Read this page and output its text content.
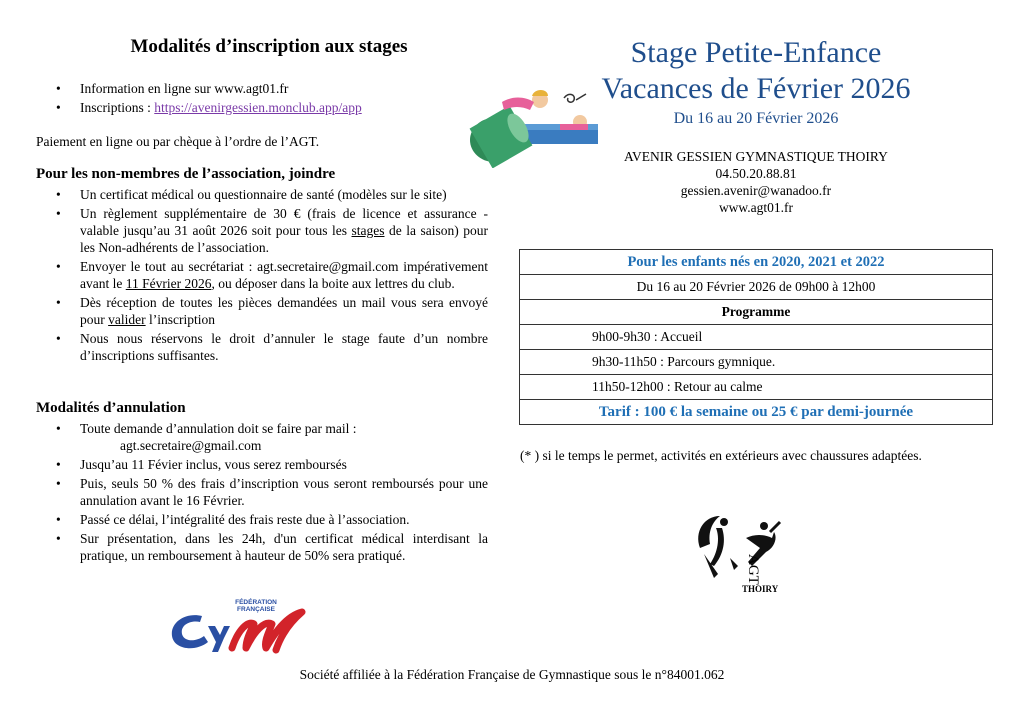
Modalités d’inscription aux stages
• Information en ligne sur www.agt01.fr
• Inscriptions : https://avenirgessien.monclub.app/app
Paiement en ligne ou par chèque à l’ordre de l’AGT.
Pour les non-membres de l’association, joindre
• Un certificat médical ou questionnaire de santé (modèles sur le site)
• Un règlement supplémentaire de 30 € (frais de licence et assurance - valable jusqu’au 31 août 2026 soit pour tous les stages de la saison) pour les Non-adhérents de l’association.
• Envoyer le tout au secrétariat : agt.secretaire@gmail.com impérativement avant le 11 Février 2026, ou déposer dans la boite aux lettres du club.
• Dès réception de toutes les pièces demandées un mail vous sera envoyé pour valider l’inscription
• Nous nous réservons le droit d’annuler le stage faute d’un nombre d’inscriptions suffisantes.
Modalités d’annulation
• Toute demande d’annulation doit se faire par mail :
agt.secretaire@gmail.com
• Jusqu’au 11 Févier inclus, vous serez remboursés
• Puis, seuls 50 % des frais d’inscription vous seront remboursés pour une annulation avant le 16 Février.
• Passé ce délai, l’intégralité des frais reste due à l’association.
• Sur présentation, dans les 24h, d'un certificat médical interdisant la pratique, un remboursement à hauteur de 50% sera pratiqué.
FÉDÉRATION FRANÇAISE
Stage Petite-Enfance
Vacances de Février 2026
Du 16 au 20 Février 2026
AVENIR GESSIEN GYMNASTIQUE THOIRY
04.50.20.88.81
gessien.avenir@wanadoo.fr
www.agt01.fr
Pour les enfants nés en 2020, 2021 et 2022
Du 16 au 20 Février 2026 de 09h00 à 12h00
Programme
9h00-9h30 : Accueil
9h30-11h50 : Parcours gymnique.
11h50-12h00 : Retour au calme
Tarif : 100 € la semaine ou 25 € par demi-journée
(* ) si le temps le permet, activités en extérieurs avec chaussures adaptées.
AGT
THOIRY
Société affiliée à la Fédération Française de Gymnastique sous le n°84001.062
